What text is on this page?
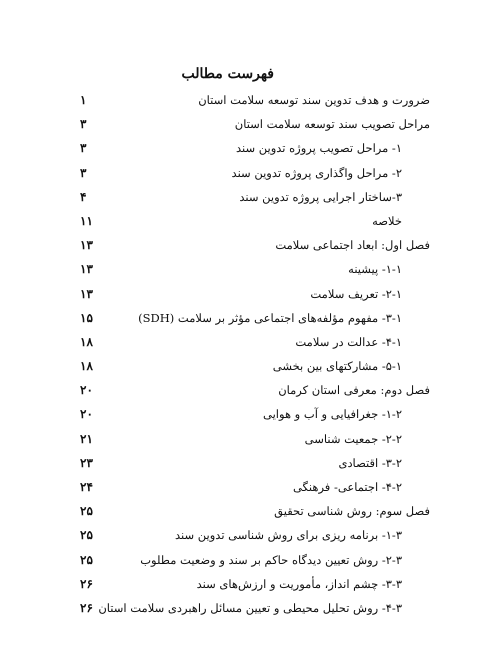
فهرست مطالب
ضرورت و هدف تدوین سند توسعه سلامت استان
۱
مراحل تصویب سند توسعه سلامت استان
۳
۱- مراحل تصویب پروژه تدوین سند
۳
۲- مراحل واگذاری پروژه تدوین سند
۳
۳-ساختار اجرایی پروژه تدوین سند
۴
خلاصه
۱۱
فصل اول: ابعاد اجتماعی سلامت
۱۳
۱-۱- پیشینه
۱۳
۲-۱- تعریف سلامت
۱۳
۳-۱- مفهوم مؤلفه‌های اجتماعی مؤثر بر سلامت (SDH)
۱۵
۴-۱- عدالت در سلامت
۱۸
۵-۱- مشارکتهای بین بخشی
۱۸
فصل دوم: معرفی استان کرمان
۲۰
۱-۲- جغرافیایی و آب و هوایی
۲۰
۲-۲- جمعیت شناسی
۲۱
۳-۲- اقتصادی
۲۳
۴-۲- اجتماعی- فرهنگی
۲۴
فصل سوم: روش شناسی تحقیق
۲۵
۱-۳- برنامه ریزی برای روش شناسی تدوین سند
۲۵
۲-۳- روش تعیین دیدگاه حاکم بر سند و وضعیت مطلوب
۲۵
۳-۳- چشم انداز، مأموریت و ارزش‌های سند
۲۶
۴-۳- روش تحلیل محیطی و تعیین مسائل راهبردی سلامت استان
۲۶
